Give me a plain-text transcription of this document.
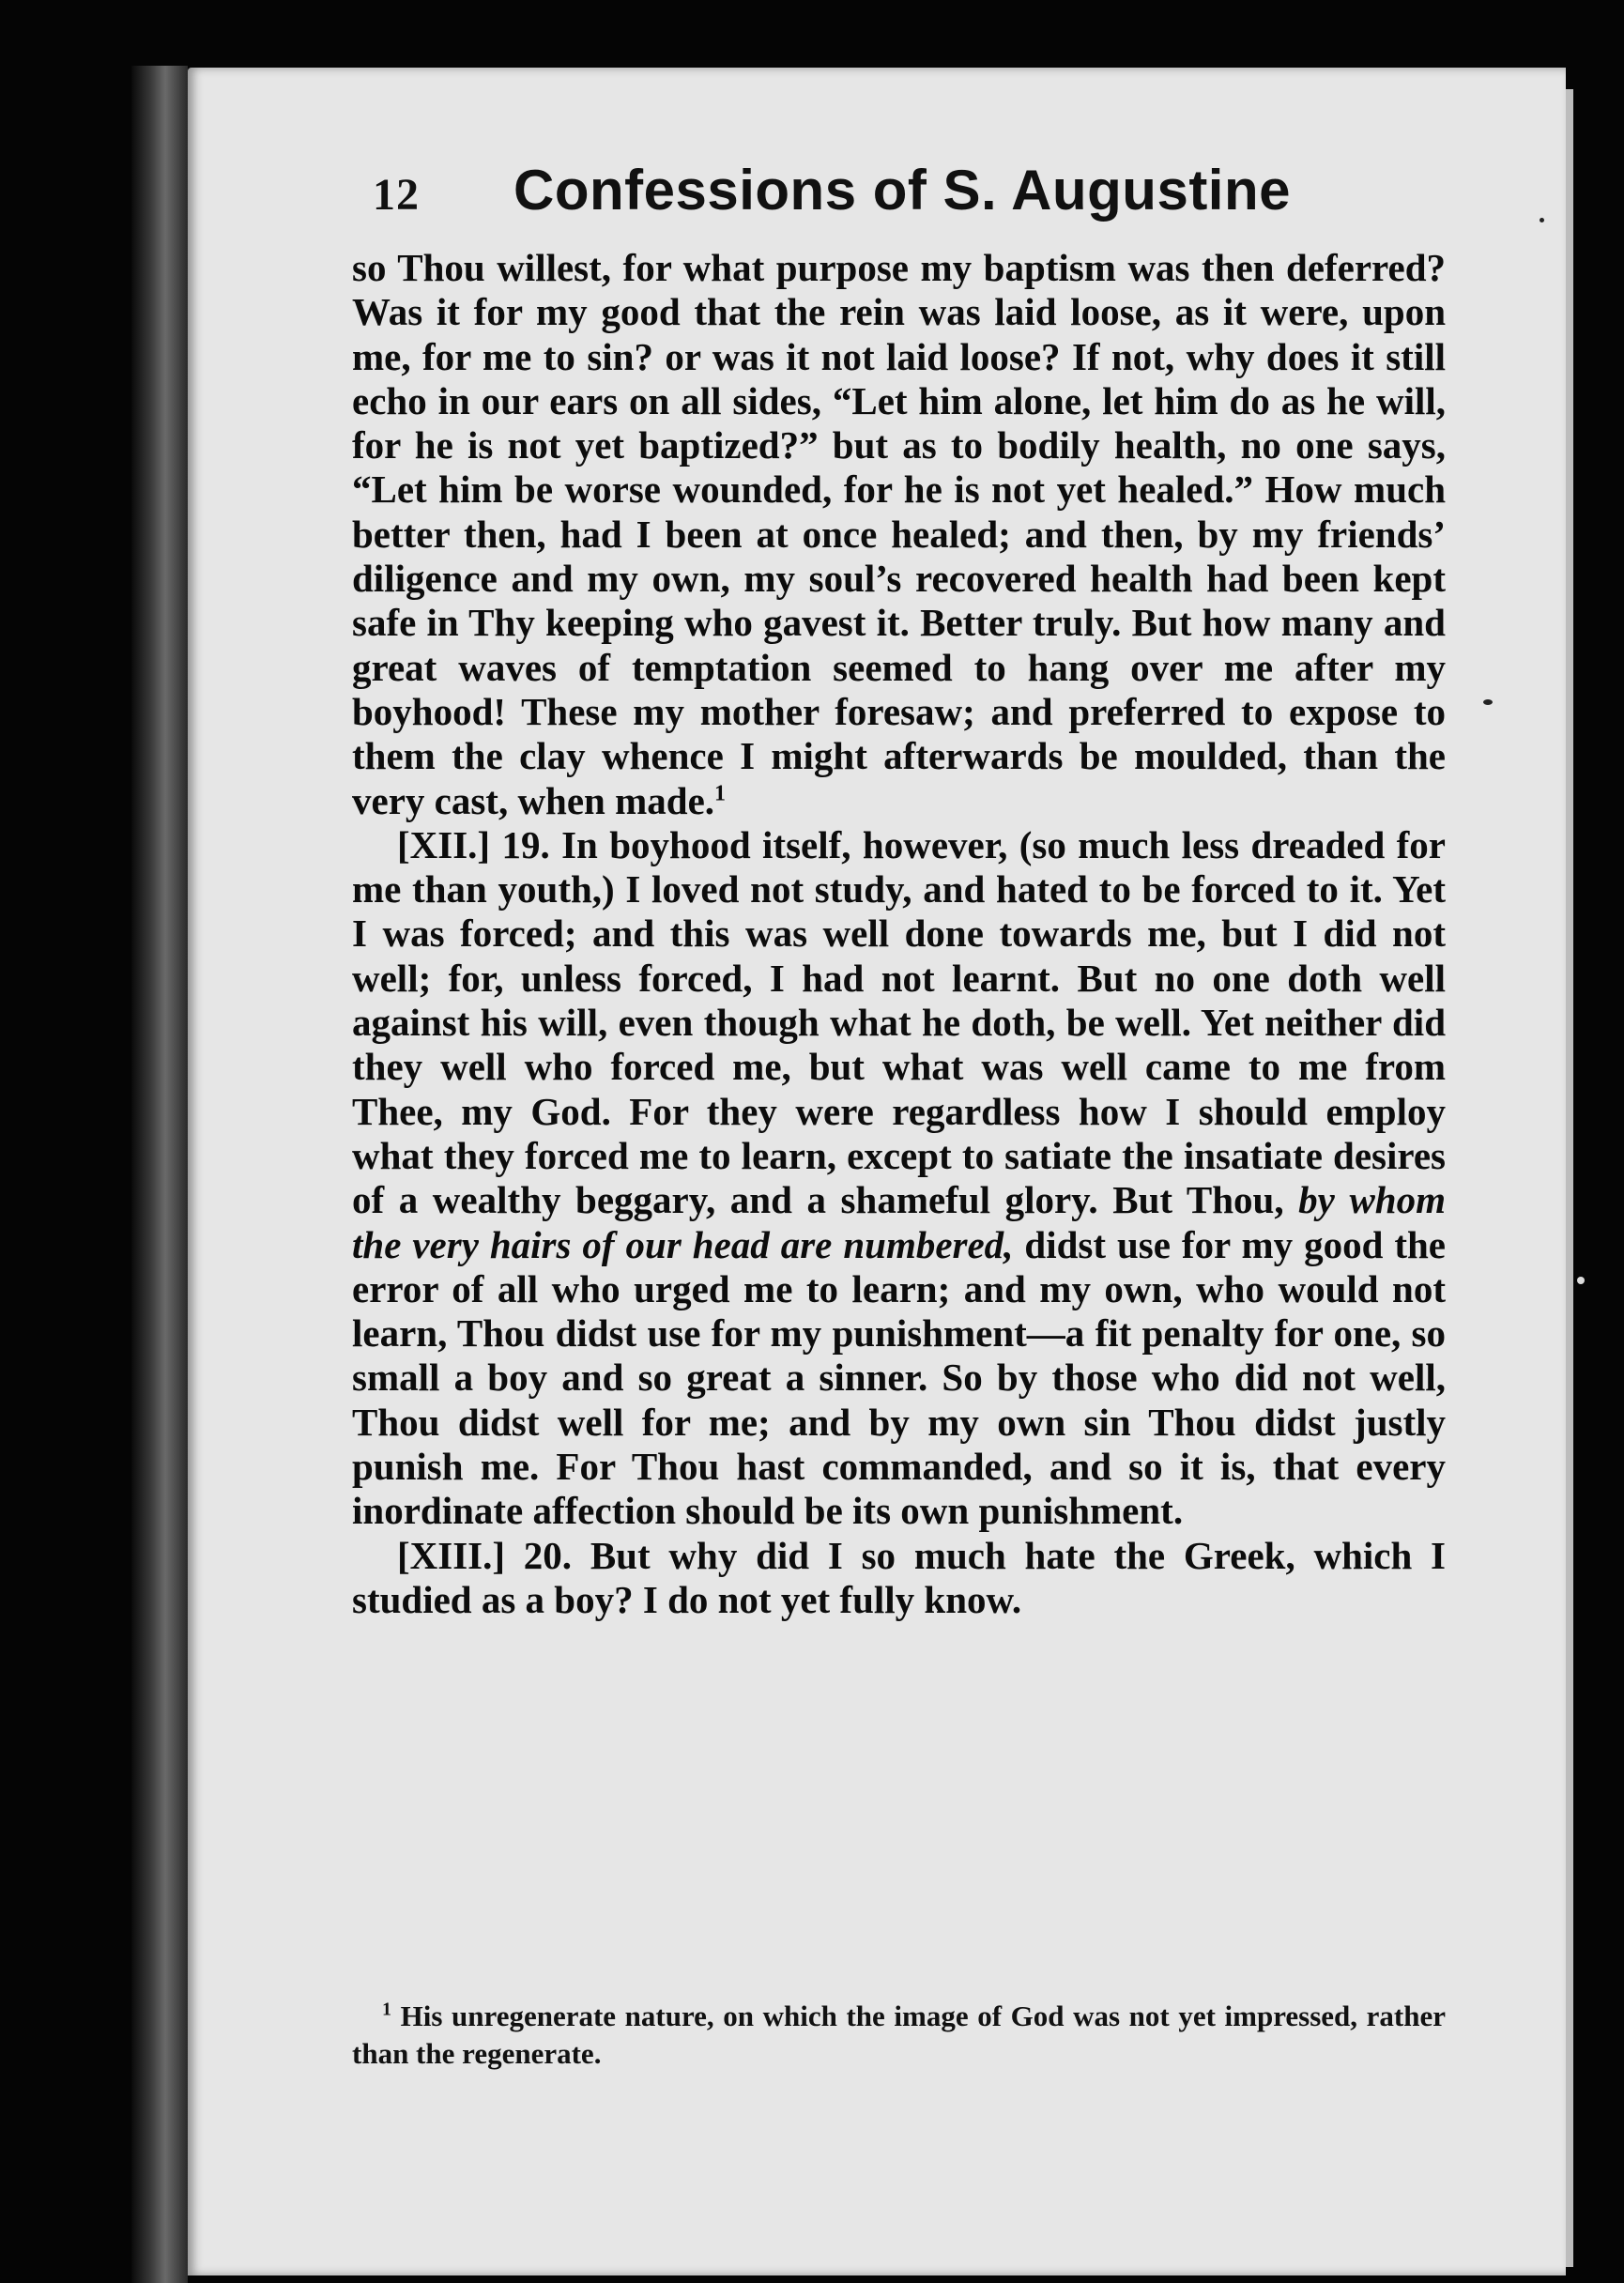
12	Confessions of S. Augustine

so Thou willest, for what purpose my baptism was then deferred? Was it for my good that the rein was laid loose, as it were, upon me, for me to sin? or was it not laid loose? If not, why does it still echo in our ears on all sides, “Let him alone, let him do as he will, for he is not yet baptized?” but as to bodily health, no one says, “Let him be worse wounded, for he is not yet healed.” How much better then, had I been at once healed; and then, by my friends’ diligence and my own, my soul’s recovered health had been kept safe in Thy keeping who gavest it. Better truly. But how many and great waves of temptation seemed to hang over me after my boyhood! These my mother foresaw; and preferred to expose to them the clay whence I might afterwards be moulded, than the very cast, when made.$^1$

[XII.] 19. In boyhood itself, however, (so much less dreaded for me than youth,) I loved not study, and hated to be forced to it. Yet I was forced; and this was well done towards me, but I did not well; for, unless forced, I had not learnt. But no one doth well against his will, even though what he doth, be well. Yet neither did they well who forced me, but what was well came to me from Thee, my God. For they were regardless how I should employ what they forced me to learn, except to satiate the insatiate desires of a wealthy beggary, and a shameful glory. But Thou, by whom the very hairs of our head are numbered, didst use for my good the error of all who urged me to learn; and my own, who would not learn, Thou didst use for my punishment—a fit penalty for one, so small a boy and so great a sinner. So by those who did not well, Thou didst well for me; and by my own sin Thou didst justly punish me. For Thou hast commanded, and so it is, that every inordinate affection should be its own punishment.

[XIII.] 20. But why did I so much hate the Greek, which I studied as a boy? I do not yet fully know.

$^1$ His unregenerate nature, on which the image of God was not yet impressed, rather than the regenerate.
